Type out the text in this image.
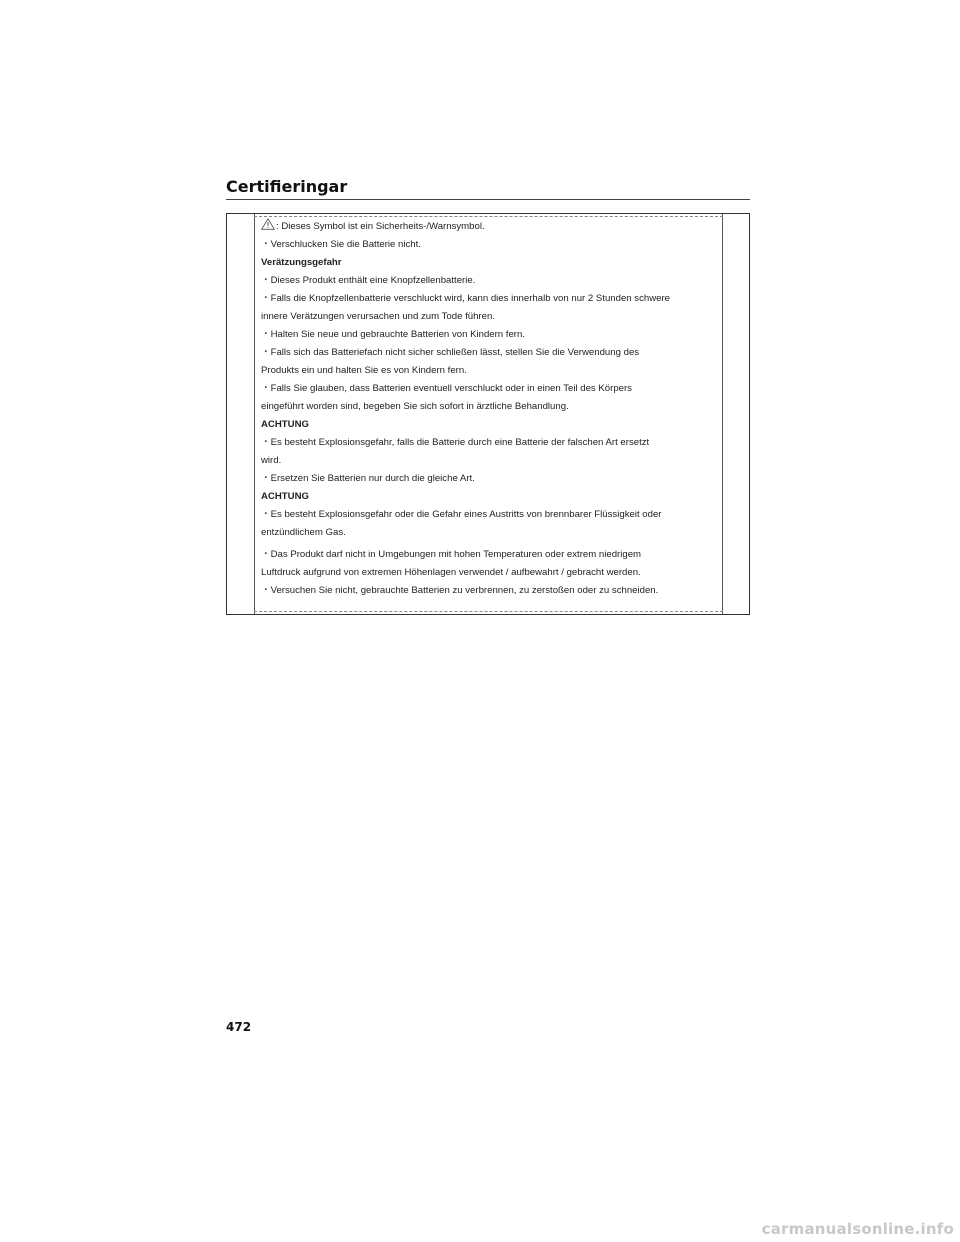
Certifieringar
: Dieses Symbol ist ein Sicherheits-/Warnsymbol.
・Verschlucken Sie die Batterie nicht.
Verätzungsgefahr
・Dieses Produkt enthält eine Knopfzellenbatterie.
・Falls die Knopfzellenbatterie verschluckt wird, kann dies innerhalb von nur 2 Stunden schwere
innere Verätzungen verursachen und zum Tode führen.
・Halten Sie neue und gebrauchte Batterien von Kindern fern.
・Falls sich das Batteriefach nicht sicher schließen lässt, stellen Sie die Verwendung des
Produkts ein und halten Sie es von Kindern fern.
・Falls Sie glauben, dass Batterien eventuell verschluckt oder in einen Teil des Körpers
eingeführt worden sind, begeben Sie sich sofort in ärztliche Behandlung.
ACHTUNG
・Es besteht Explosionsgefahr, falls die Batterie durch eine Batterie der falschen Art ersetzt
wird.
・Ersetzen Sie Batterien nur durch die gleiche Art.
ACHTUNG
・Es besteht Explosionsgefahr oder die Gefahr eines Austritts von brennbarer Flüssigkeit oder
entzündlichem Gas.
・Das Produkt darf nicht in Umgebungen mit hohen Temperaturen oder extrem niedrigem
Luftdruck aufgrund von extremen Höhenlagen verwendet / aufbewahrt / gebracht werden.
・Versuchen Sie nicht, gebrauchte Batterien zu verbrennen, zu zerstoßen oder zu schneiden.
472
carmanualsonline.info
